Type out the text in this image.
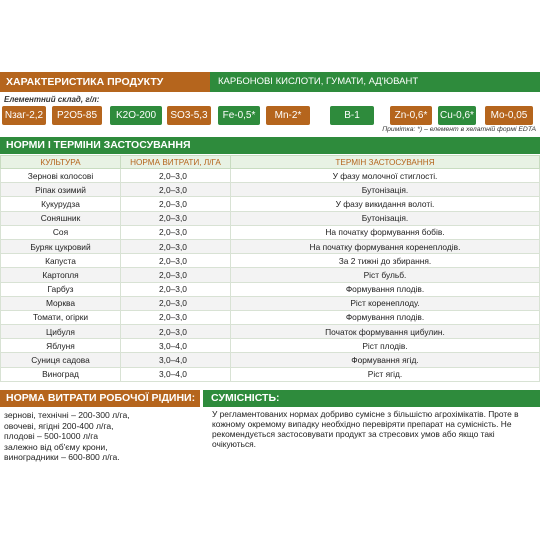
ХАРАКТЕРИСТИКА ПРОДУКТУ	КАРБОНОВІ КИСЛОТИ, ГУМАТИ, АД'ЮВАНТ
Елементний склад, г/л:
Nзаг-2,2	P2O5-85	K2O-200	SO3-5,3	Fe-0,5*	Mn-2*	B-1	Zn-0,6*	Cu-0,6*	Mo-0,05
Примітка: *) – елемент в хелатній формі EDTA
НОРМИ І ТЕРМІНИ ЗАСТОСУВАННЯ
КУЛЬТУРА	НОРМА ВИТРАТИ, Л/ГА	ТЕРМІН ЗАСТОСУВАННЯ
Зернові колосові	2,0–3,0	У фазу молочної стиглості.
Ріпак озимий	2,0–3,0	Бутонізація.
Кукурудза	2,0–3,0	У фазу викидання волоті.
Соняшник	2,0–3,0	Бутонізація.
Соя	2,0–3,0	На початку формування бобів.
Буряк цукровий	2,0–3,0	На початку формування коренеплодів.
Капуста	2,0–3,0	За 2 тижні до збирання.
Картопля	2,0–3,0	Ріст бульб.
Гарбуз	2,0–3,0	Формування плодів.
Морква	2,0–3,0	Ріст коренеплоду.
Томати, огірки	2,0–3,0	Формування плодів.
Цибуля	2,0–3,0	Початок формування цибулин.
Яблуня	3,0–4,0	Ріст плодів.
Суниця садова	3,0–4,0	Формування ягід.
Виноград	3,0–4,0	Ріст ягід.
НОРМА ВИТРАТИ РОБОЧОЇ РІДИНИ:	СУМІСНІСТЬ:
зернові, технічні – 200-300 л/га,
овочеві, ягідні 200-400 л/га,
плодові – 500-1000 л/га
залежно від об'єму крони,
виноградники – 600-800 л/га.
У регламентованих нормах добриво сумісне з більшістю агрохімікатів. Проте в кожному окремому випадку необхідно перевіряти препарат на сумісність. Не рекомендується застосовувати продукт за стресових умов або якщо такі очікуються.
